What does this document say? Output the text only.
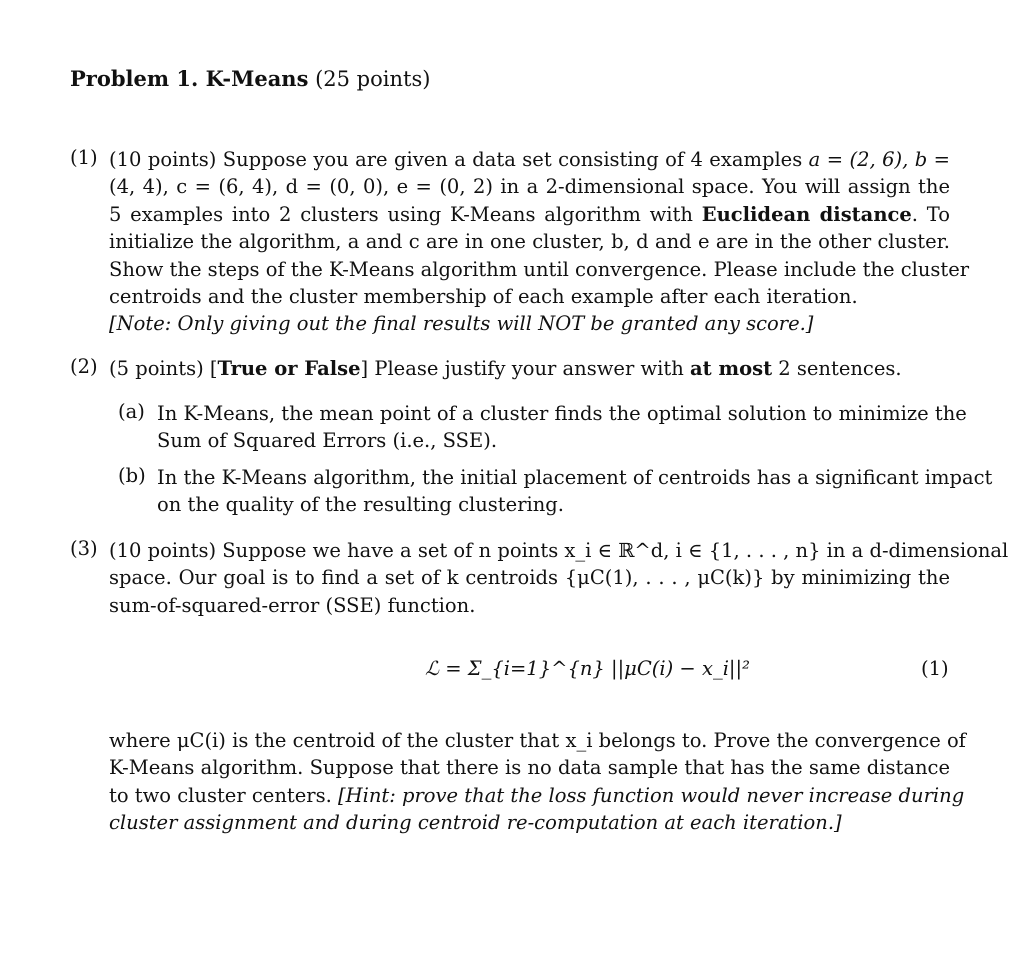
Problem 1. K-Means (25 points)
(1) (10 points) Suppose you are given a data set consisting of 4 examples a = (2, 6), b =
(4, 4), c = (6, 4), d = (0, 0), e = (0, 2) in a 2-dimensional space. You will assign the
5 examples into 2 clusters using K-Means algorithm with Euclidean distance. To
initialize the algorithm, a and c are in one cluster, b, d and e are in the other cluster.
Show the steps of the K-Means algorithm until convergence. Please include the cluster
centroids and the cluster membership of each example after each iteration.
[Note: Only giving out the final results will NOT be granted any score.]
(2) (5 points) [True or False] Please justify your answer with at most 2 sentences.
(a) In K-Means, the mean point of a cluster finds the optimal solution to minimize the
Sum of Squared Errors (i.e., SSE).
(b) In the K-Means algorithm, the initial placement of centroids has a significant impact
on the quality of the resulting clustering.
(3) (10 points) Suppose we have a set of n points x_i ∈ ℝ^d, i ∈ {1, . . . , n} in a d-dimensional
space. Our goal is to find a set of k centroids {μC(1), . . . , μC(k)} by minimizing the
sum-of-squared-error (SSE) function.
ℒ = Σ_{i=1}^{n} ||μC(i) − x_i||²	(1)
where μC(i) is the centroid of the cluster that x_i belongs to. Prove the convergence of
K-Means algorithm. Suppose that there is no data sample that has the same distance
to two cluster centers. [Hint: prove that the loss function would never increase during
cluster assignment and during centroid re-computation at each iteration.]
